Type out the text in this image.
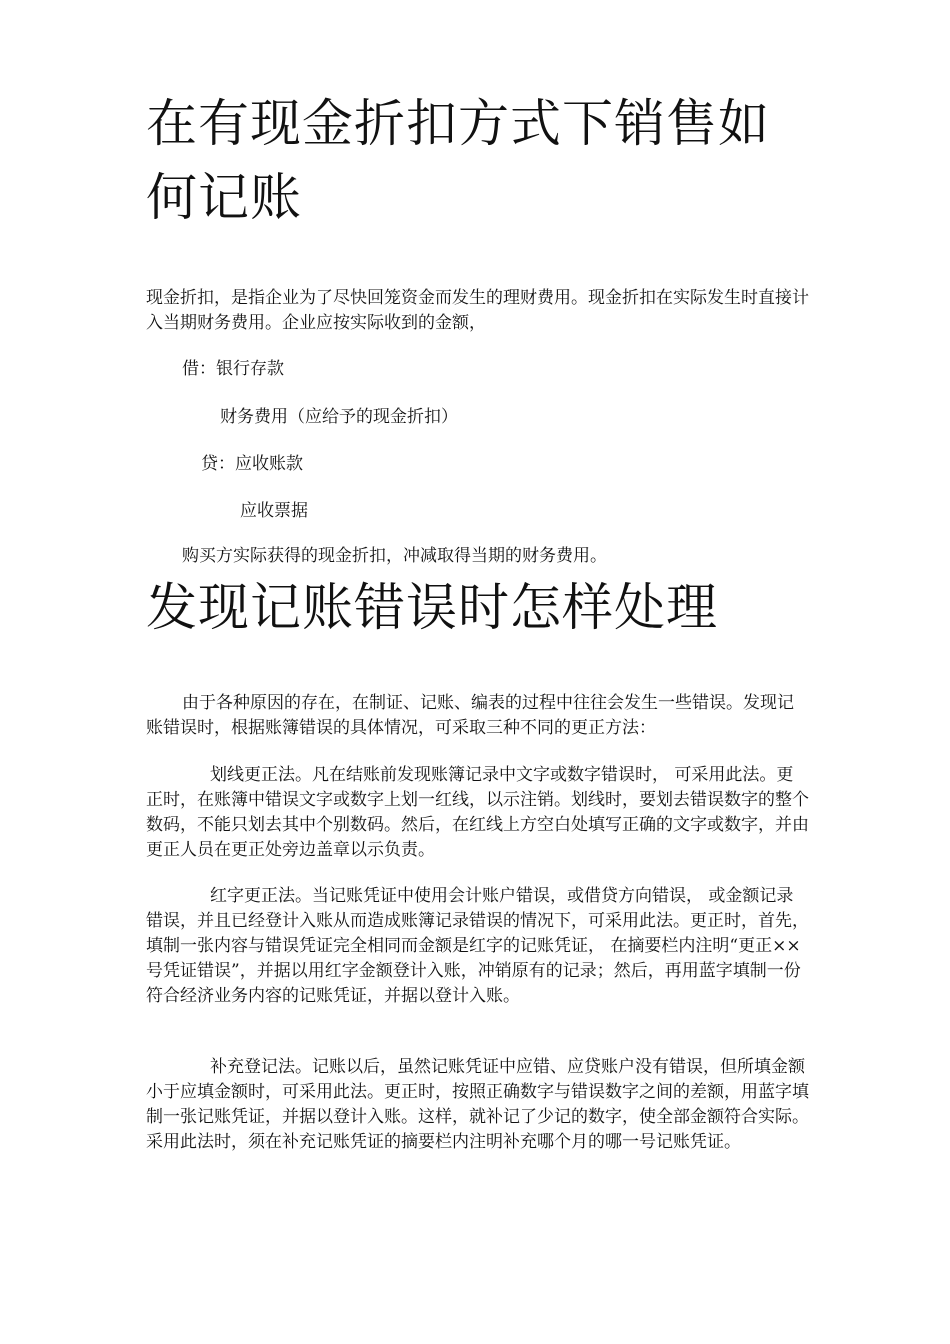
在有现金折扣方式下销售如何记账

现金折扣，是指企业为了尽快回笼资金而发生的理财费用。现金折扣在实际发生时直接计入当期财务费用。企业应按实际收到的金额，

借：银行存款

财务费用（应给予的现金折扣）

贷：应收账款

应收票据

购买方实际获得的现金折扣，冲减取得当期的财务费用。

发现记账错误时怎样处理

由于各种原因的存在，在制证、记账、编表的过程中往往会发生一些错误。发现记账错误时，根据账簿错误的具体情况，可采取三种不同的更正方法：

划线更正法。凡在结账前发现账簿记录中文字或数字错误时， 可采用此法。更正时，在账簿中错误文字或数字上划一红线，以示注销。划线时，要划去错误数字的整个数码，不能只划去其中个别数码。然后，在红线上方空白处填写正确的文字或数字，并由更正人员在更正处旁边盖章以示负责。

红字更正法。当记账凭证中使用会计账户错误，或借贷方向错误， 或金额记录错误，并且已经登计入账从而造成账簿记录错误的情况下，可采用此法。更正时，首先，填制一张内容与错误凭证完全相同而金额是红字的记账凭证， 在摘要栏内注明“更正××号凭证错误”，并据以用红字金额登计入账，冲销原有的记录；然后，再用蓝字填制一份符合经济业务内容的记账凭证，并据以登计入账。

补充登记法。记账以后，虽然记账凭证中应错、应贷账户没有错误，但所填金额小于应填金额时，可采用此法。更正时，按照正确数字与错误数字之间的差额，用蓝字填制一张记账凭证，并据以登计入账。这样，就补记了少记的数字，使全部金额符合实际。采用此法时，须在补充记账凭证的摘要栏内注明补充哪个月的哪一号记账凭证。
